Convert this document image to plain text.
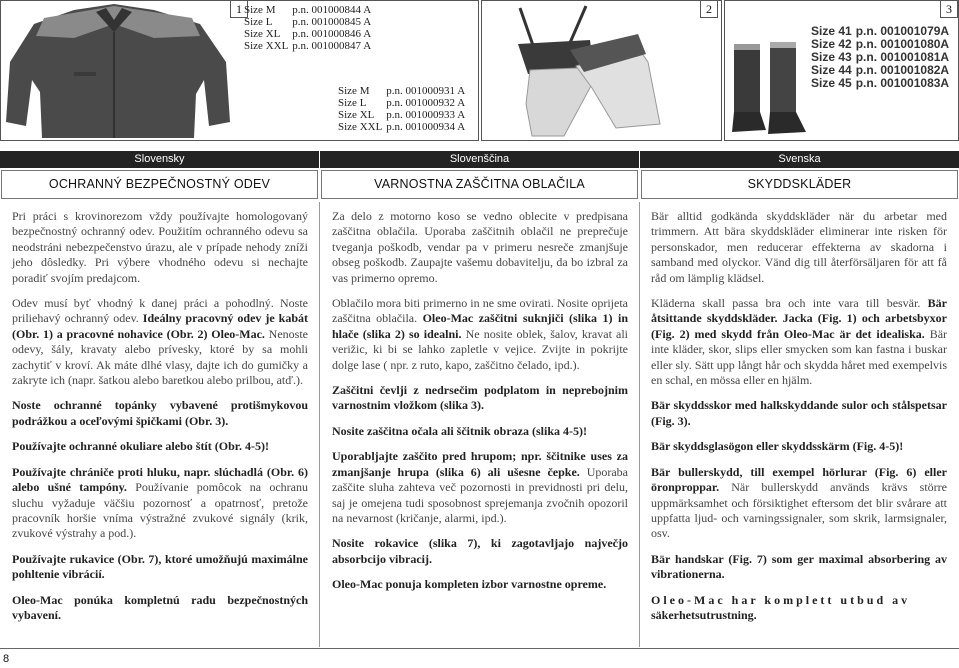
1	2	3
Size M	p.n. 001000844 A
Size L	p.n. 001000845 A
Size XL	p.n. 001000846 A
Size XXL	p.n. 001000847 A
Size M	p.n. 001000931 A
Size L	p.n. 001000932 A
Size XL	p.n. 001000933 A
Size XXL	p.n. 001000934 A
Size 41	p.n. 001001079A
Size 42	p.n. 001001080A
Size 43	p.n. 001001081A
Size 44	p.n. 001001082A
Size 45	p.n. 001001083A
Slovensky	Slovenščina	Svenska
OCHRANNÝ BEZPEČNOSTNÝ ODEV	VARNOSTNA ZAŠČITNA OBLAČILA	SKYDDSKLÄDER

Pri práci s krovinorezom vždy používajte homologovaný bezpečnostný ochranný odev. Použitím ochranného odevu sa neodstráni nebezpečenstvo úrazu, ale v prípade nehody zníži jeho dôsledky. Pri výbere vhodného odevu si nechajte poradiť svojím predajcom.

Odev musí byť vhodný k danej práci a pohodlný. Noste priliehavý ochranný odev. Ideálny pracovný odev je kabát (Obr. 1) a pracovné nohavice (Obr. 2) Oleo-Mac. Nenoste odevy, šály, kravaty alebo prívesky, ktoré by sa mohli zachytiť v kroví. Ak máte dlhé vlasy, dajte ich do gumičky a zakryte ich (napr. šatkou alebo baretkou alebo prilbou, atď.).

Noste ochranné topánky vybavené protišmykovou podrážkou a oceľovými špičkami (Obr. 3).

Používajte ochranné okuliare alebo štít (Obr. 4-5)!

Používajte chrániče proti hluku, napr. slúchadlá (Obr. 6) alebo ušné tampóny. Používanie pomôcok na ochranu sluchu vyžaduje väčšiu pozornosť a opatrnosť, pretože pracovník horšie vníma výstražné zvukové signály (krik, zvukové výstrahy a pod.).

Používajte rukavice (Obr. 7), ktoré umožňujú maximálne pohltenie vibrácií.

Oleo-Mac ponúka kompletnú radu bezpečnostných vybavení.

Za delo z motorno koso se vedno oblecite v predpisana zaščitna oblačila. Uporaba zaščitnih oblačil ne preprečuje tveganja poškodb, vendar pa v primeru nesreče zmanjšuje obseg poškodb. Zaupajte vašemu dobavitelju, da bo izbral za vas primerno opremo.

Oblačilo mora biti primerno in ne sme ovirati. Nosite oprijeta zaščitna oblačila. Oleo-Mac zaščitni suknjiči (slika 1) in hlače (slika 2) so idealni. Ne nosite oblek, šalov, kravat ali verižic, ki bi se lahko zapletle v vejice. Zvijte in pokrijte dolge lase ( npr. z ruto, kapo, zaščitno čelado, ipd.).

Zaščitni čevlji z nedrsečim podplatom in neprebojnim varnostnim vložkom (slika 3).

Nosite zaščitna očala ali ščitnik obraza (slika 4-5)!

Uporabljajte zaščito pred hrupom; npr. ščitnike uses za zmanjšanje hrupa (slika 6) ali ušesne čepke. Uporaba zaščite sluha zahteva več pozornosti in previdnosti pri delu, saj je omejena tudi sposobnost sprejemanja zvočnih opozoril na nevarnost (kričanje, alarmi, ipd.).

Nosite rokavice (slika 7), ki zagotavljajo največjo absorbcijo vibracij.

Oleo-Mac ponuja kompleten izbor varnostne opreme.

Bär alltid godkända skyddskläder när du arbetar med trimmern. Att bära skyddskläder eliminerar inte risken för personskador, men reducerar effekterna av skadorna i samband med olyckor. Vänd dig till återförsäljaren för att få råd om lämplig klädsel.

Kläderna skall passa bra och inte vara till besvär. Bär åtsittande skyddskläder. Jacka (Fig. 1) och arbetsbyxor (Fig. 2) med skydd från Oleo-Mac är det idealiska. Bär inte kläder, skor, slips eller smycken som kan fastna i buskar eller sly. Sätt upp långt hår och skydda håret med exempelvis en schal, en mössa eller en hjälm.

Bär skyddsskor med halkskyddande sulor och stålspetsar (Fig. 3).

Bär skyddsglasögon eller skyddsskärm (Fig. 4-5)!

Bär bullerskydd, till exempel hörlurar (Fig. 6) eller öronproppar. När bullerskydd används krävs större uppmärksamhet och försiktighet eftersom det blir svårare att uppfatta ljud- och varningssignaler, som skrik, larmsignaler, osv.

Bär handskar (Fig. 7) som ger maximal absorbering av vibrationerna.

Oleo-Mac har komplett utbud av
säkerhetsutrustning.

8
